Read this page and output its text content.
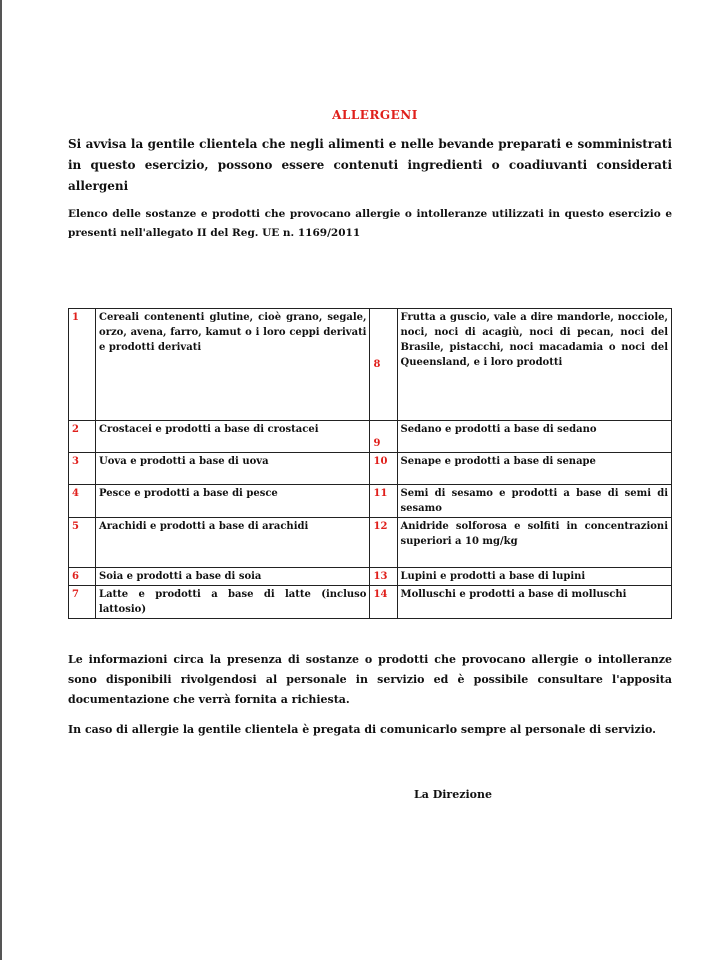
ALLERGENI

Si avvisa la gentile clientela che negli alimenti e nelle bevande preparati e somministrati in questo esercizio, possono essere contenuti ingredienti o coadiuvanti considerati allergeni

Elenco delle sostanze e prodotti che provocano allergie o intolleranze utilizzati in questo esercizio e presenti nell'allegato II del Reg. UE n. 1169/2011

1	Cereali contenenti glutine, cioè grano, segale, orzo, avena, farro, kamut o i loro ceppi derivati e prodotti derivati	8	Frutta a guscio, vale a dire mandorle, nocciole, noci, noci di acagiù, noci di pecan, noci del Brasile, pistacchi, noci macadamia o noci del Queensland, e i loro prodotti
2	Crostacei e prodotti a base di crostacei	9	Sedano e prodotti a base di sedano
3	Uova e prodotti a base di uova	10	Senape e prodotti a base di senape
4	Pesce e prodotti a base di pesce	11	Semi di sesamo e prodotti a base di semi di sesamo
5	Arachidi e prodotti a base di arachidi	12	Anidride solforosa e solfiti in concentrazioni superiori a 10 mg/kg
6	Soia e prodotti a base di soia	13	Lupini e prodotti a base di lupini
7	Latte e prodotti a base di latte (incluso lattosio)	14	Molluschi e prodotti a base di molluschi

Le informazioni circa la presenza di sostanze o prodotti che provocano allergie o intolleranze sono disponibili rivolgendosi al personale in servizio ed è possibile consultare l'apposita documentazione che verrà fornita a richiesta.

In caso di allergie la gentile clientela è pregata di comunicarlo sempre al personale di servizio.

La Direzione
